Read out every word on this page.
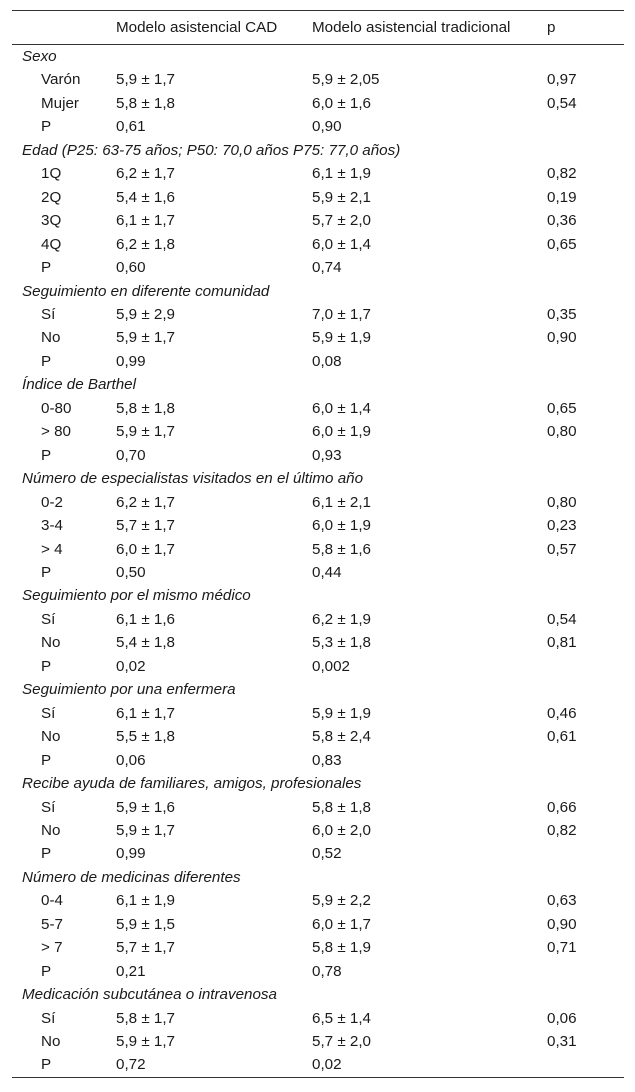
	Modelo asistencial CAD	Modelo asistencial tradicional	p
Sexo			
Varón	5,9 ± 1,7	5,9 ± 2,05	0,97
Mujer	5,8 ± 1,8	6,0 ± 1,6	0,54
P	0,61	0,90	
Edad (P25: 63-75 años; P50: 70,0 años P75: 77,0 años)			
1Q	6,2 ± 1,7	6,1 ± 1,9	0,82
2Q	5,4 ± 1,6	5,9 ± 2,1	0,19
3Q	6,1 ± 1,7	5,7 ± 2,0	0,36
4Q	6,2 ± 1,8	6,0 ± 1,4	0,65
P	0,60	0,74	
Seguimiento en diferente comunidad			
Sí	5,9 ± 2,9	7,0 ± 1,7	0,35
No	5,9 ± 1,7	5,9 ± 1,9	0,90
P	0,99	0,08	
Índice de Barthel			
0-80	5,8 ± 1,8	6,0 ± 1,4	0,65
> 80	5,9 ± 1,7	6,0 ± 1,9	0,80
P	0,70	0,93	
Número de especialistas visitados en el último año			
0-2	6,2 ± 1,7	6,1 ± 2,1	0,80
3-4	5,7 ± 1,7	6,0 ± 1,9	0,23
> 4	6,0 ± 1,7	5,8 ± 1,6	0,57
P	0,50	0,44	
Seguimiento por el mismo médico			
Sí	6,1 ± 1,6	6,2 ± 1,9	0,54
No	5,4 ± 1,8	5,3 ± 1,8	0,81
P	0,02	0,002	
Seguimiento por una enfermera			
Sí	6,1 ± 1,7	5,9 ± 1,9	0,46
No	5,5 ± 1,8	5,8 ± 2,4	0,61
P	0,06	0,83	
Recibe ayuda de familiares, amigos, profesionales			
Sí	5,9 ± 1,6	5,8 ± 1,8	0,66
No	5,9 ± 1,7	6,0 ± 2,0	0,82
P	0,99	0,52	
Número de medicinas diferentes			
0-4	6,1 ± 1,9	5,9 ± 2,2	0,63
5-7	5,9 ± 1,5	6,0 ± 1,7	0,90
> 7	5,7 ± 1,7	5,8 ± 1,9	0,71
P	0,21	0,78	
Medicación subcutánea o intravenosa			
Sí	5,8 ± 1,7	6,5 ± 1,4	0,06
No	5,9 ± 1,7	5,7 ± 2,0	0,31
P	0,72	0,02	
